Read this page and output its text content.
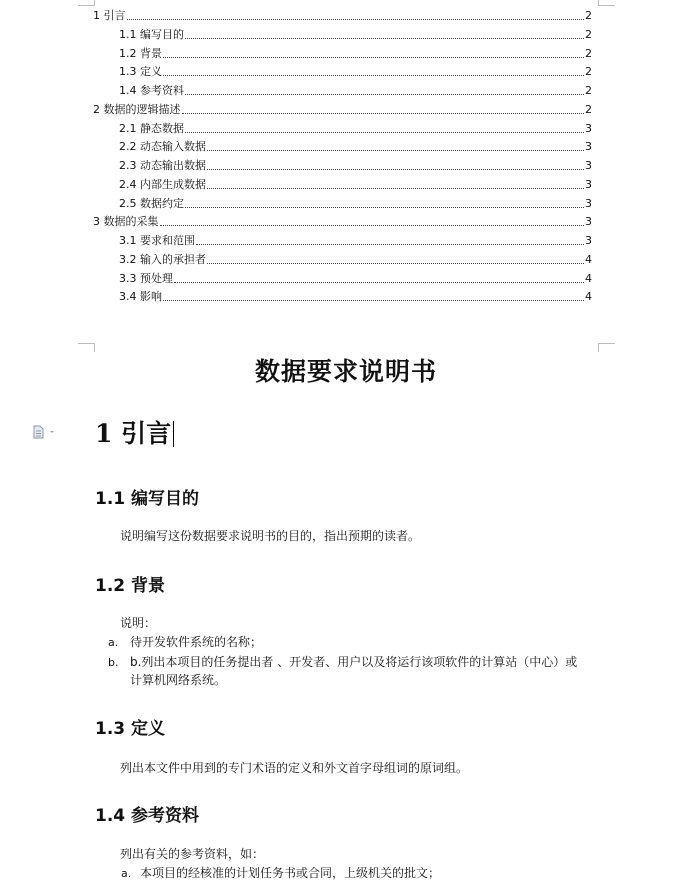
1 引言	2
1.1 编写目的	2
1.2 背景	2
1.3 定义	2
1.4 参考资料	2
2 数据的逻辑描述	2
2.1 静态数据	3
2.2 动态输入数据	3
2.3 动态输出数据	3
2.4 内部生成数据	3
2.5 数据约定	3
3 数据的采集	3
3.1 要求和范围	3
3.2 输入的承担者	4
3.3 预处理	4
3.4 影响	4
数据要求说明书
1 引言
1.1 编写目的
说明编写这份数据要求说明书的目的，指出预期的读者。
1.2 背景
说明：
a. 待开发软件系统的名称；
b. b.列出本项目的任务提出者 、开发者、用户以及将运行该项软件的计算站（中心）或
计算机网络系统。
1.3 定义
列出本文件中用到的专门术语的定义和外文首字母组词的原词组。
1.4 参考资料
列出有关的参考资料，如：
a. 本项目的经核准的计划任务书或合同，上级机关的批文；
